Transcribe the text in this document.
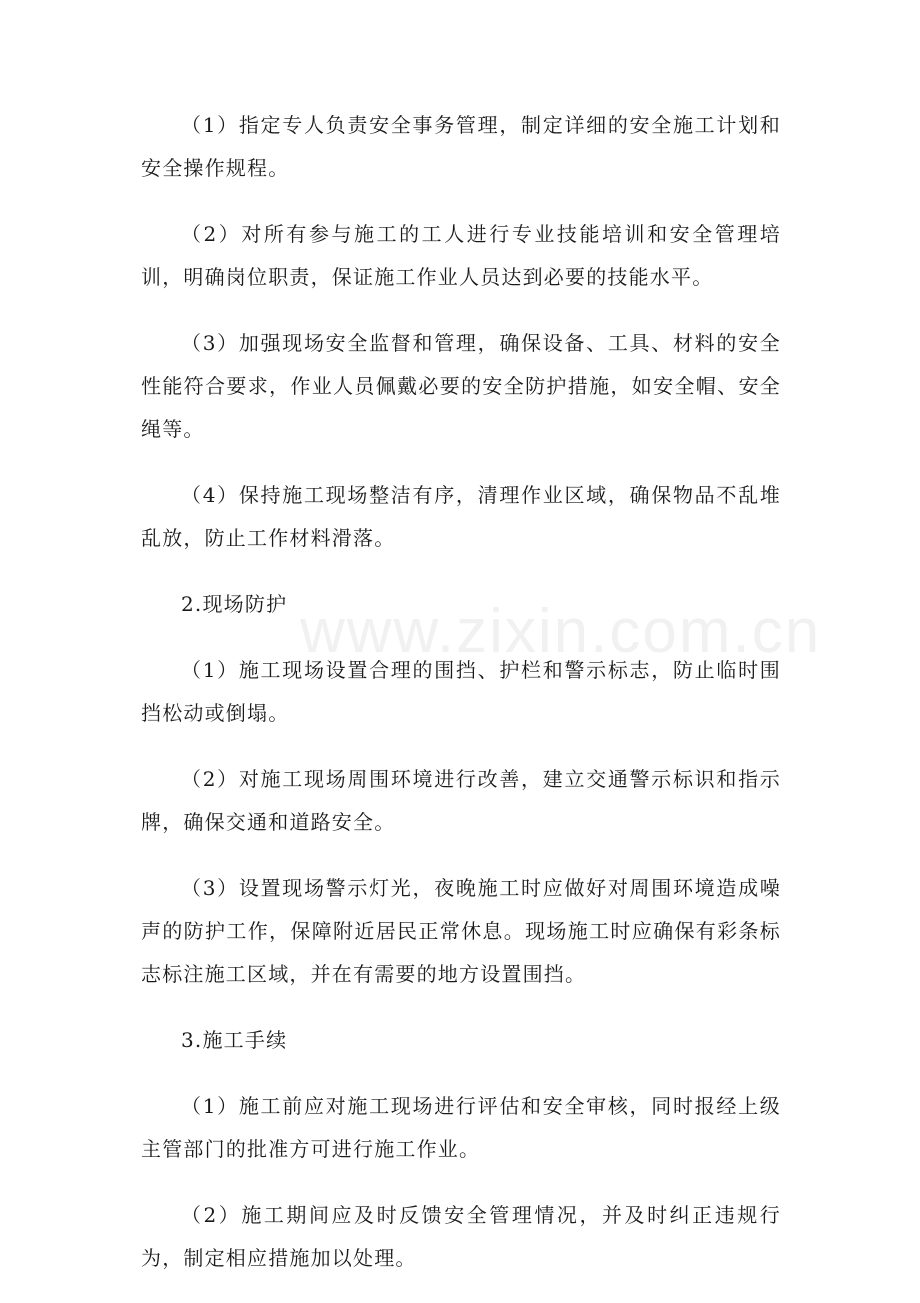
www.zixin.com.cn

（1）指定专人负责安全事务管理，制定详细的安全施工计划和安全操作规程。

（2）对所有参与施工的工人进行专业技能培训和安全管理培训，明确岗位职责，保证施工作业人员达到必要的技能水平。

（3）加强现场安全监督和管理，确保设备、工具、材料的安全性能符合要求，作业人员佩戴必要的安全防护措施，如安全帽、安全绳等。

（4）保持施工现场整洁有序，清理作业区域，确保物品不乱堆乱放，防止工作材料滑落。

2.现场防护

（1）施工现场设置合理的围挡、护栏和警示标志，防止临时围挡松动或倒塌。

（2）对施工现场周围环境进行改善，建立交通警示标识和指示牌，确保交通和道路安全。

（3）设置现场警示灯光，夜晚施工时应做好对周围环境造成噪声的防护工作，保障附近居民正常休息。现场施工时应确保有彩条标志标注施工区域，并在有需要的地方设置围挡。

3.施工手续

（1）施工前应对施工现场进行评估和安全审核，同时报经上级主管部门的批准方可进行施工作业。

（2）施工期间应及时反馈安全管理情况，并及时纠正违规行为，制定相应措施加以处理。
